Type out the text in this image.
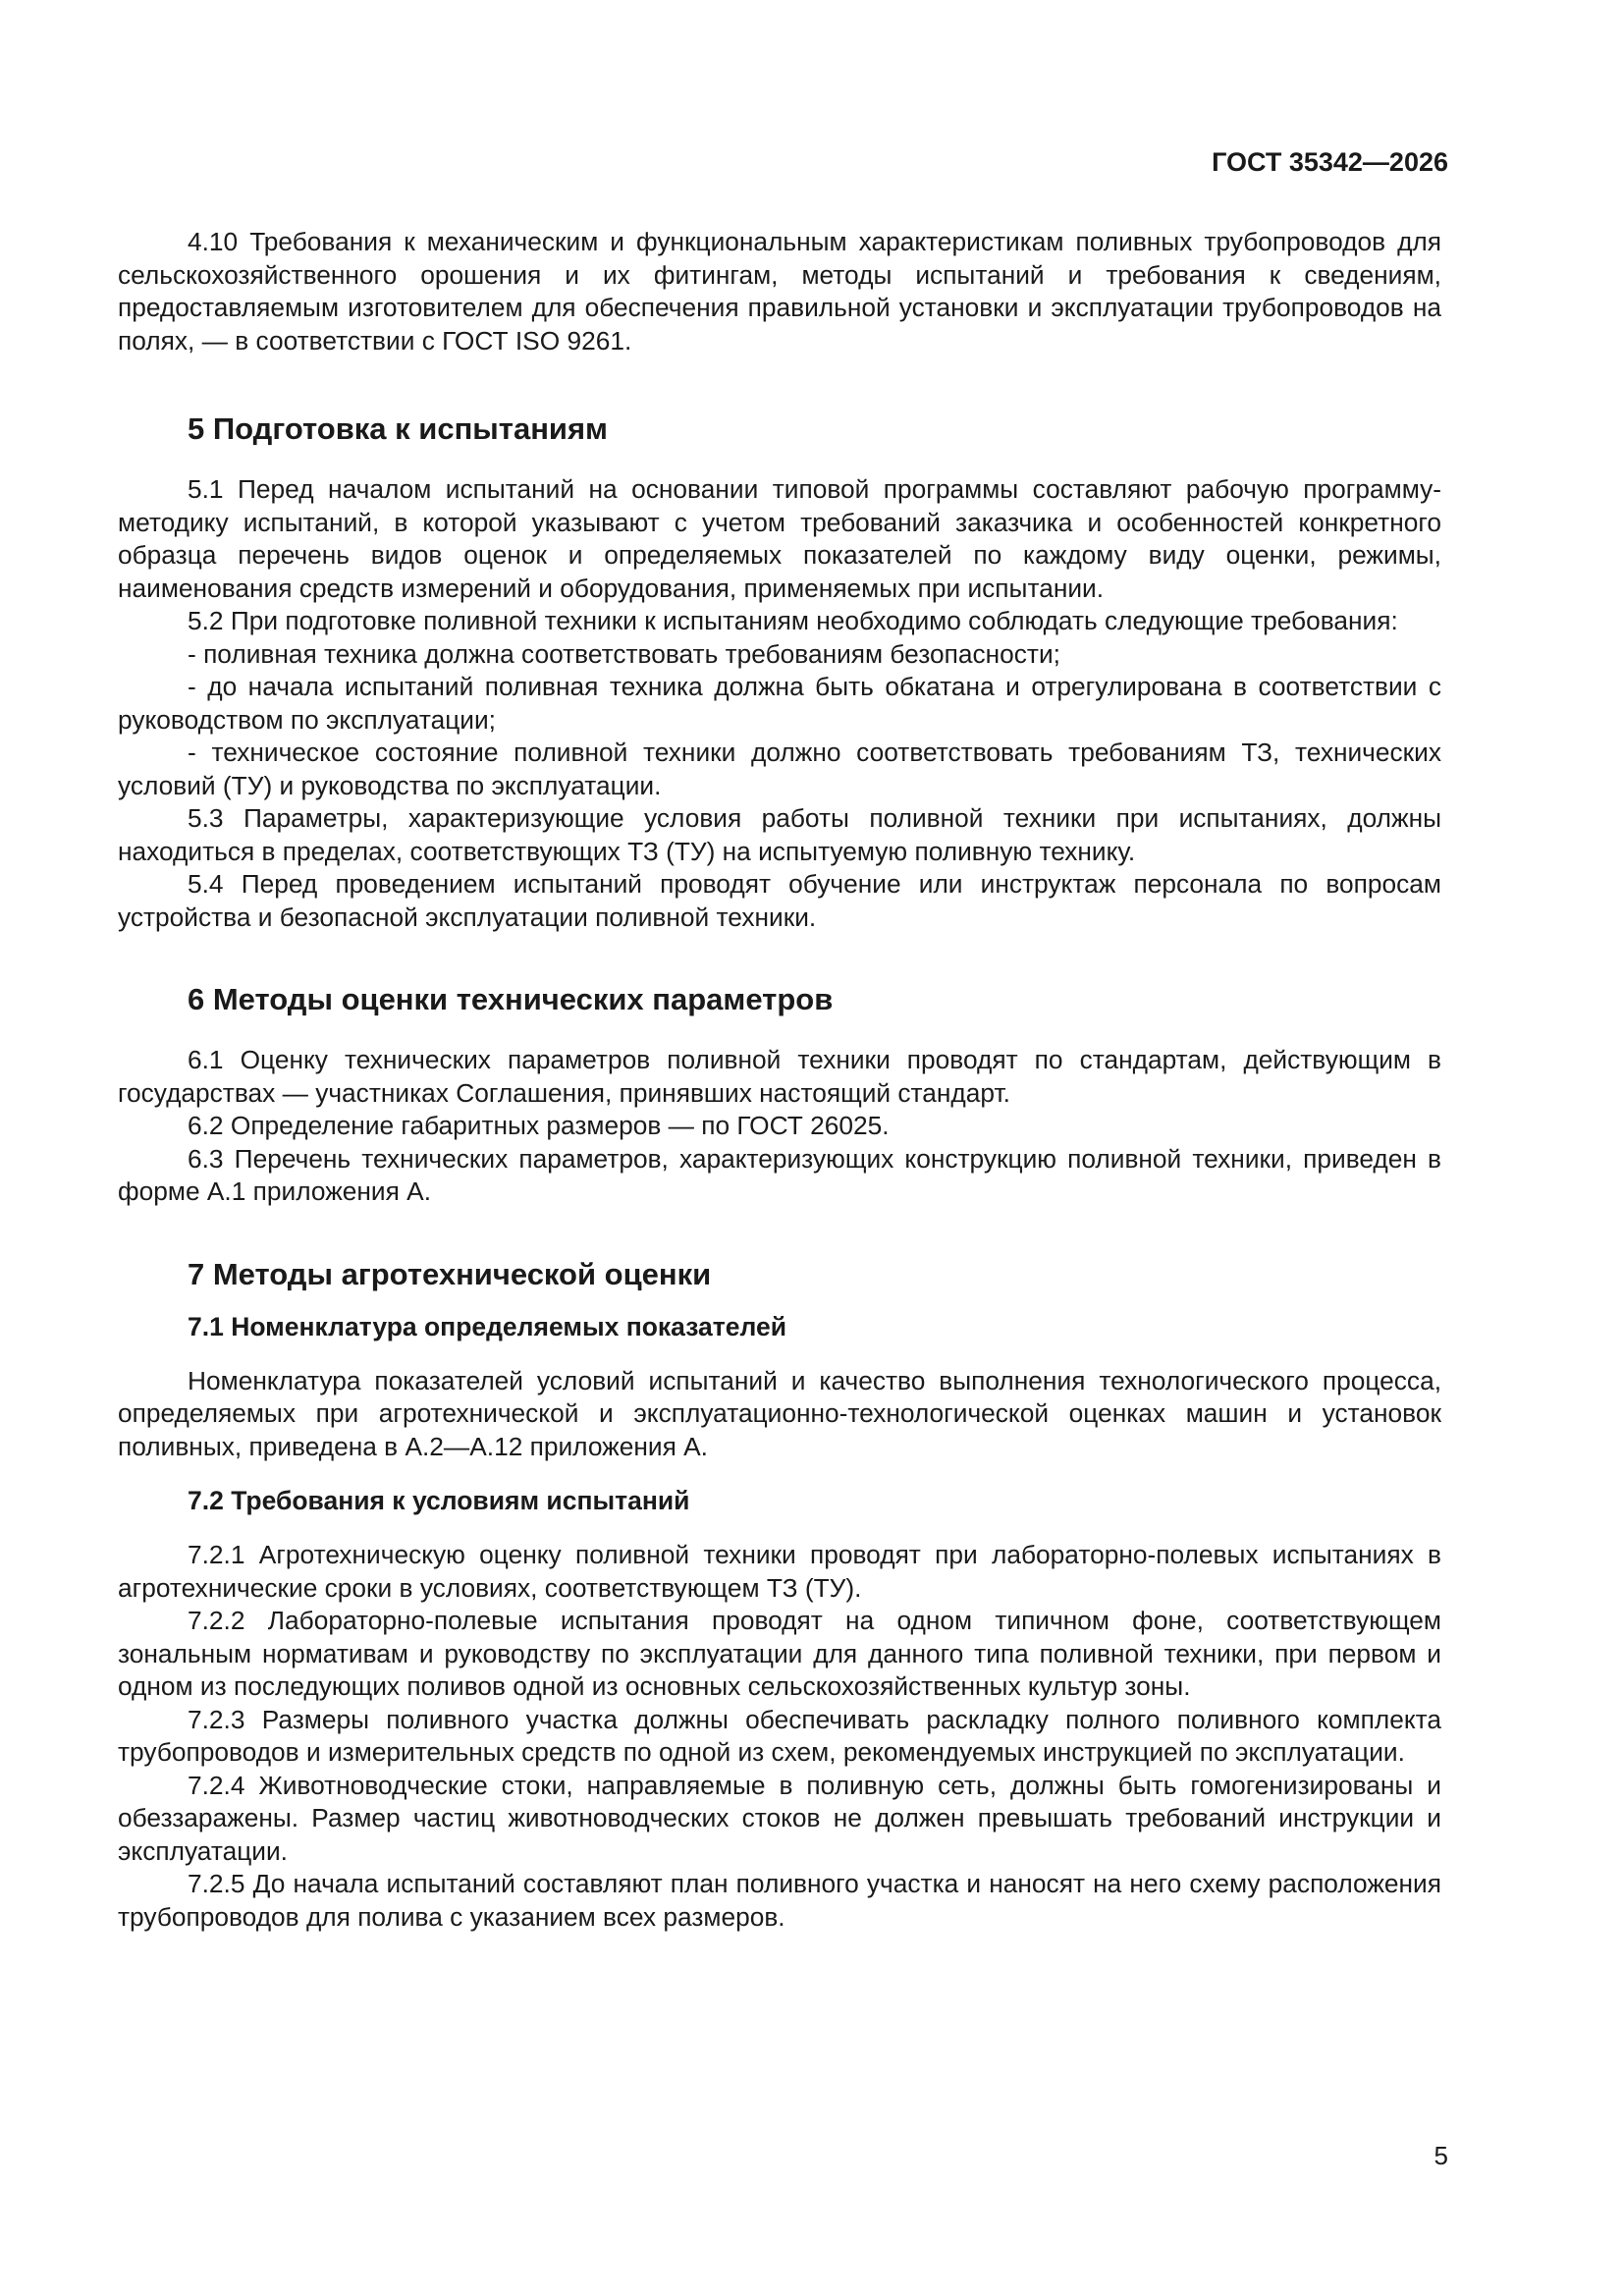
ГОСТ 35342—2026

4.10 Требования к механическим и функциональным характеристикам поливных трубопроводов для сельскохозяйственного орошения и их фитингам, методы испытаний и требования к сведениям, предоставляемым изготовителем для обеспечения правильной установки и эксплуатации трубопроводов на полях, — в соответствии с ГОСТ ISO 9261.

5 Подготовка к испытаниям

5.1 Перед началом испытаний на основании типовой программы составляют рабочую программу-методику испытаний, в которой указывают с учетом требований заказчика и особенностей конкретного образца перечень видов оценок и определяемых показателей по каждому виду оценки, режимы, наименования средств измерений и оборудования, применяемых при испытании.

5.2 При подготовке поливной техники к испытаниям необходимо соблюдать следующие требования:

- поливная техника должна соответствовать требованиям безопасности;

- до начала испытаний поливная техника должна быть обкатана и отрегулирована в соответствии с руководством по эксплуатации;

- техническое состояние поливной техники должно соответствовать требованиям ТЗ, технических условий (ТУ) и руководства по эксплуатации.

5.3 Параметры, характеризующие условия работы поливной техники при испытаниях, должны находиться в пределах, соответствующих ТЗ (ТУ) на испытуемую поливную технику.

5.4 Перед проведением испытаний проводят обучение или инструктаж персонала по вопросам устройства и безопасной эксплуатации поливной техники.

6 Методы оценки технических параметров

6.1 Оценку технических параметров поливной техники проводят по стандартам, действующим в государствах — участниках Соглашения, принявших настоящий стандарт.

6.2 Определение габаритных размеров — по ГОСТ 26025.

6.3 Перечень технических параметров, характеризующих конструкцию поливной техники, приведен в форме А.1 приложения А.

7 Методы агротехнической оценки
7.1 Номенклатура определяемых показателей

Номенклатура показателей условий испытаний и качество выполнения технологического процесса, определяемых при агротехнической и эксплуатационно-технологической оценках машин и установок поливных, приведена в А.2—А.12 приложения А.

7.2 Требования к условиям испытаний

7.2.1 Агротехническую оценку поливной техники проводят при лабораторно-полевых испытаниях в агротехнические сроки в условиях, соответствующем ТЗ (ТУ).

7.2.2 Лабораторно-полевые испытания проводят на одном типичном фоне, соответствующем зональным нормативам и руководству по эксплуатации для данного типа поливной техники, при первом и одном из последующих поливов одной из основных сельскохозяйственных культур зоны.

7.2.3 Размеры поливного участка должны обеспечивать раскладку полного поливного комплекта трубопроводов и измерительных средств по одной из схем, рекомендуемых инструкцией по эксплуатации.

7.2.4 Животноводческие стоки, направляемые в поливную сеть, должны быть гомогенизированы и обеззаражены. Размер частиц животноводческих стоков не должен превышать требований инструкции и эксплуатации.

7.2.5 До начала испытаний составляют план поливного участка и наносят на него схему расположения трубопроводов для полива с указанием всех размеров.

5
